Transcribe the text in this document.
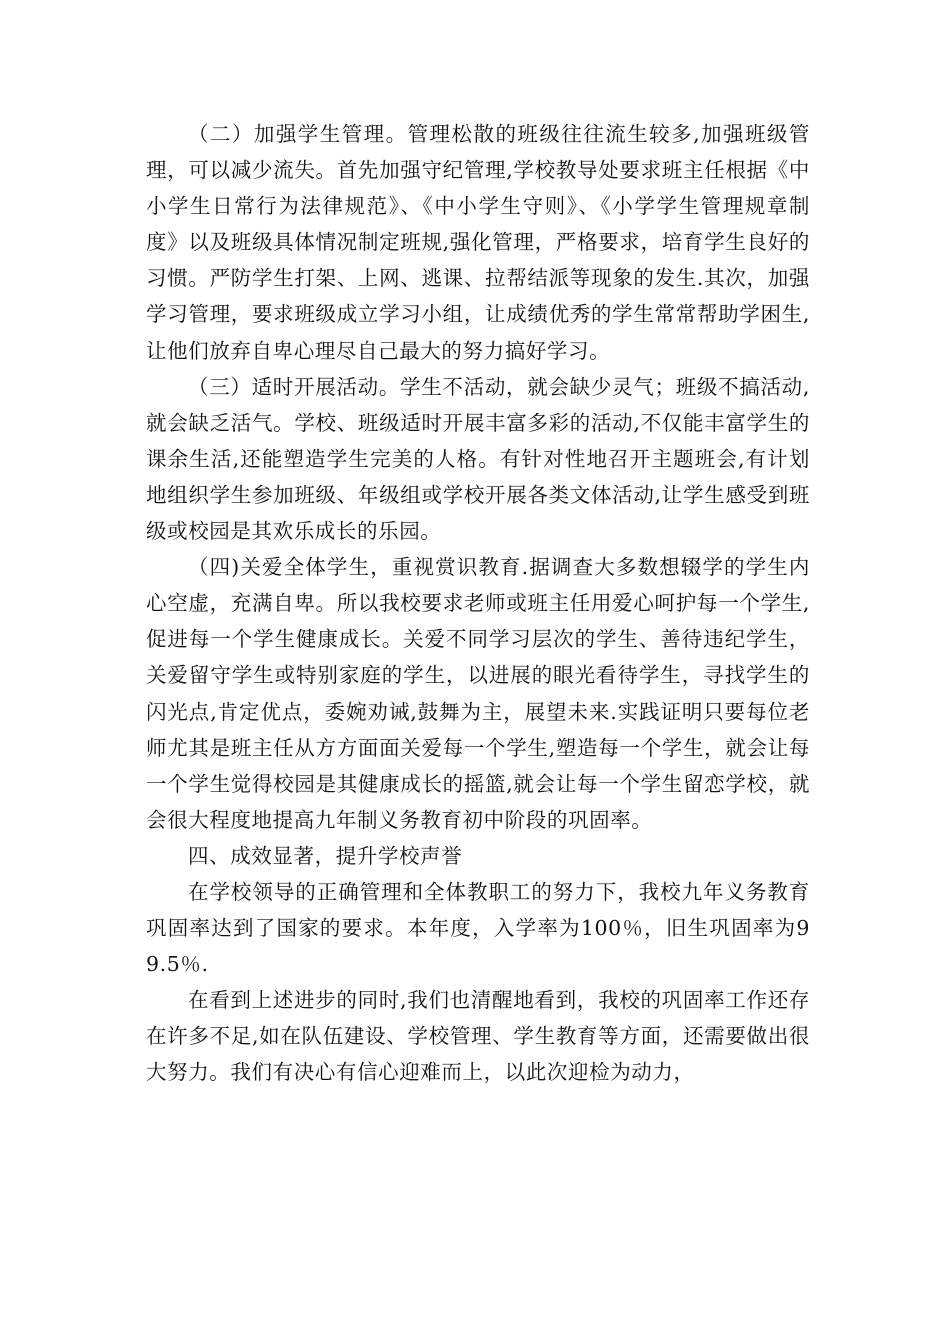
（二）加强学生管理。管理松散的班级往往流生较多,加强班级管理，可以减少流失。首先加强守纪管理,学校教导处要求班主任根据《中小学生日常行为法律规范》、《中小学生守则》、《小学学生管理规章制度》以及班级具体情况制定班规,强化管理，严格要求，培育学生良好的习惯。严防学生打架、上网、逃课、拉帮结派等现象的发生.其次，加强学习管理，要求班级成立学习小组，让成绩优秀的学生常常帮助学困生,让他们放弃自卑心理尽自己最大的努力搞好学习。

（三）适时开展活动。学生不活动，就会缺少灵气；班级不搞活动,就会缺乏活气。学校、班级适时开展丰富多彩的活动,不仅能丰富学生的课余生活,还能塑造学生完美的人格。有针对性地召开主题班会,有计划地组织学生参加班级、年级组或学校开展各类文体活动,让学生感受到班级或校园是其欢乐成长的乐园。

（四)关爱全体学生，重视赏识教育.据调查大多数想辍学的学生内心空虚，充满自卑。所以我校要求老师或班主任用爱心呵护每一个学生,促进每一个学生健康成长。关爱不同学习层次的学生、善待违纪学生，关爱留守学生或特别家庭的学生，以进展的眼光看待学生，寻找学生的闪光点,肯定优点，委婉劝诫,鼓舞为主，展望未来.实践证明只要每位老师尤其是班主任从方方面面关爱每一个学生,塑造每一个学生，就会让每一个学生觉得校园是其健康成长的摇篮,就会让每一个学生留恋学校，就会很大程度地提高九年制义务教育初中阶段的巩固率。

四、成效显著，提升学校声誉

在学校领导的正确管理和全体教职工的努力下，我校九年义务教育巩固率达到了国家的要求。本年度，入学率为100％，旧生巩固率为99.5％.

在看到上述进步的同时,我们也清醒地看到，我校的巩固率工作还存在许多不足,如在队伍建设、学校管理、学生教育等方面，还需要做出很大努力。我们有决心有信心迎难而上，以此次迎检为动力，
